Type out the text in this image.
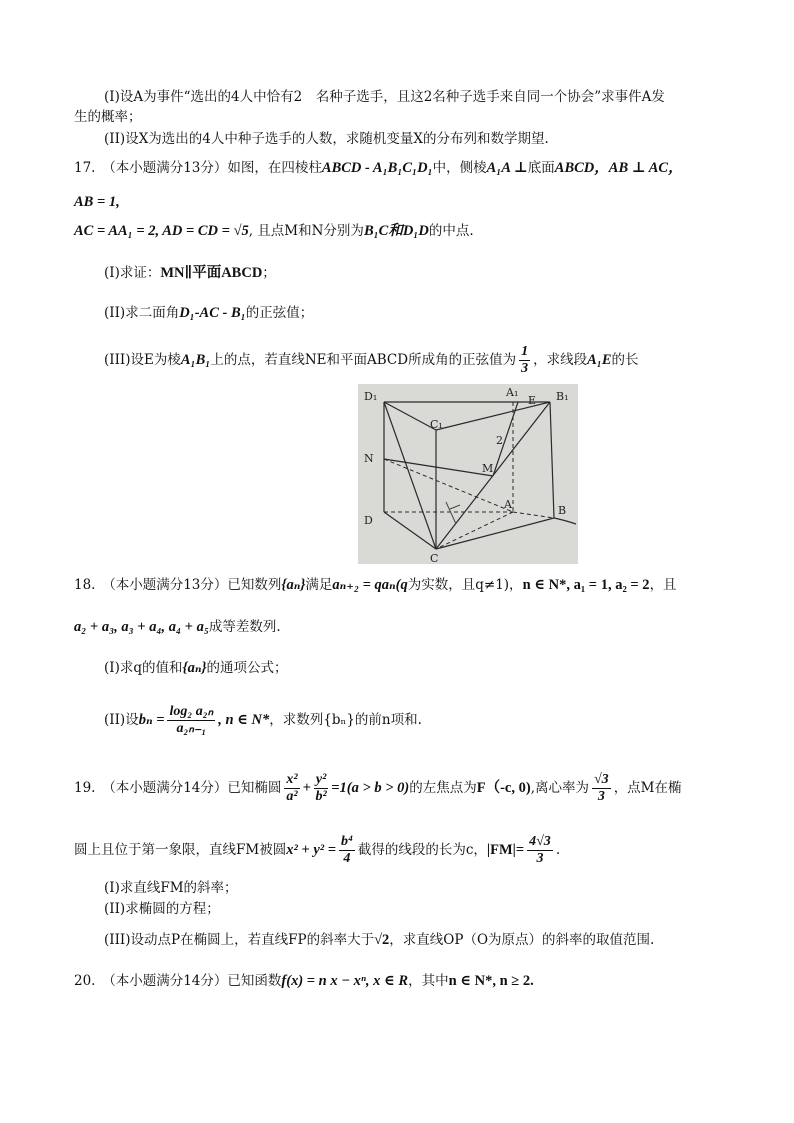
(I)设A为事件“选出的4人中恰有2　名种子选手，且这2名种子选手来自同一个协会”求事件A发
生的概率；
(II)设X为选出的4人中种子选手的人数，求随机变量X的分布列和数学期望.
17.　（本小题满分13分）如图，在四棱柱ABCD - A₁B₁C₁D₁中，侧棱A₁A ⊥底面ABCD，AB ⊥ AC，
AB = 1,
AC = AA₁ = 2, AD = CD = √5, 且点M和N分别为B₁C和D₁D的中点.
(I)求证：MN∥平面ABCD；
(II)求二面角D₁-AC - B₁的正弦值；
(III)设E为棱A₁B₁上的点，若直线NE和平面ABCD所成角的正弦值为 $\frac{1}{3}$ ，求线段A₁E的长
D₁	A₁	B₁
C₁
N
M
D
A	B
C
E
2
18.　（本小题满分13分）已知数列{aₙ}满足aₙ₊₂ = qaₙ(q为实数，且q≠1)，n ∈ N*, a₁ = 1, a₂ = 2，且
a₂ + a₃, a₃ + a₄, a₄ + a₅成等差数列.
(I)求q的值和{aₙ}的通项公式；
(II)设$b_n = \frac{\text{log₂ a₂ₙ}}{\text{a₂ₙ₋₁}}$ , n ∈ N*，求数列{bₙ}的前n项和.
19.　（本小题满分14分）已知椭圆 $\frac{\text{x²}}{\text{a²}} + \frac{\text{y²}}{\text{b²}} =1(a > b > 0)$的左焦点为F（-c, 0),离心率为 $\frac{√3}{3}$ ，点M在椭
圆上且位于第一象限，直线FM被圆$x^2 + y^2 = \frac{\text{b⁴}}{4}$ 截得的线段的长为c，$|FM|= \frac{4√3}{3}$ .
(I)求直线FM的斜率；
(II)求椭圆的方程；
(III)设动点P在椭圆上，若直线FP的斜率大于√2，求直线OP（O为原点）的斜率的取值范围.
20.　（本小题满分14分）已知函数f(x) = n x − xⁿ, x ∈ R，其中n ∈ N*, n ≥ 2.
